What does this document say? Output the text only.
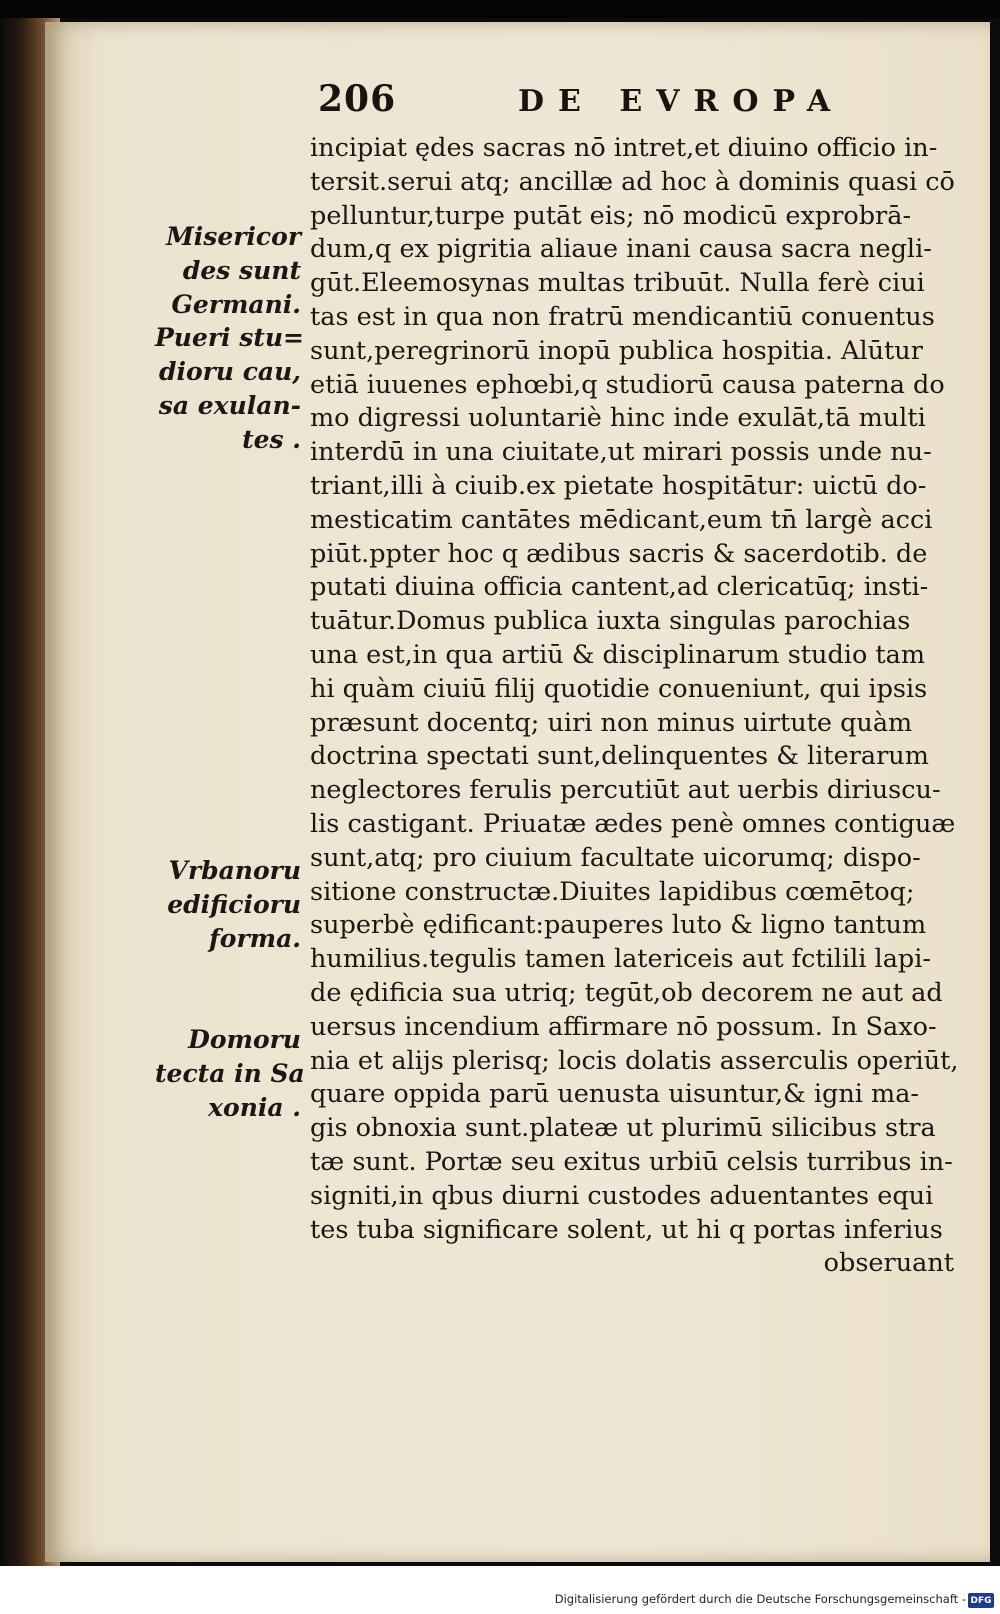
206	DE EVROPA
Misericor
des sunt
Germani.
Pueri stu=
dioru cau,
sa exulan-
tes .
Vrbanoru
edificioru
forma.
Domoru
tecta in Sa
xonia .
incipiat ędes sacras nō intret,et diuino officio in-
tersit.serui atq; ancillæ ad hoc à dominis quasi cō
pelluntur,turpe putāt eis; nō modicū exprobrā-
dum,q ex pigritia aliaue inani causa sacra negli-
gūt.Eleemosynas multas tribuūt. Nulla ferè ciui
tas est in qua non fratrū mendicantiū conuentus
sunt,peregrinorū inopū publica hospitia. Alūtur
etiā iuuenes ephœbi,q studiorū causa paterna do
mo digressi uoluntariè hinc inde exulāt,tā multi
interdū in una ciuitate,ut mirari possis unde nu-
triant,illi à ciuib.ex pietate hospitātur: uictū do-
mesticatim cantātes mēdicant,eum tn̄ largè acci
piūt.ppter hoc q ædibus sacris & sacerdotib. de
putati diuina officia cantent,ad clericatūq; insti-
tuātur.Domus publica iuxta singulas parochias
una est,in qua artiū & disciplinarum studio tam
hi quàm ciuiū filij quotidie conueniunt, qui ipsis
præsunt docentq; uiri non minus uirtute quàm
doctrina spectati sunt,delinquentes & literarum
neglectores ferulis percutiūt aut uerbis diriuscu-
lis castigant. Priuatæ ædes penè omnes contiguæ
sunt,atq; pro ciuium facultate uicorumq; dispo-
sitione constructæ.Diuites lapidibus cœmētoq;
superbè ędificant:pauperes luto & ligno tantum
humilius.tegulis tamen latericeis aut fctilili lapi-
de ędificia sua utriq; tegūt,ob decorem ne aut ad
uersus incendium affirmare nō possum. In Saxo-
nia et alijs plerisq; locis dolatis asserculis operiūt,
quare oppida parū uenusta uisuntur,& igni ma-
gis obnoxia sunt.plateæ ut plurimū silicibus stra
tæ sunt. Portæ seu exitus urbiū celsis turribus in-
signiti,in qbus diurni custodes aduentantes equi
tes tuba significare solent, ut hi q portas inferius
obseruant
Digitalisierung gefördert durch die Deutsche Forschungsgemeinschaft - DFG
